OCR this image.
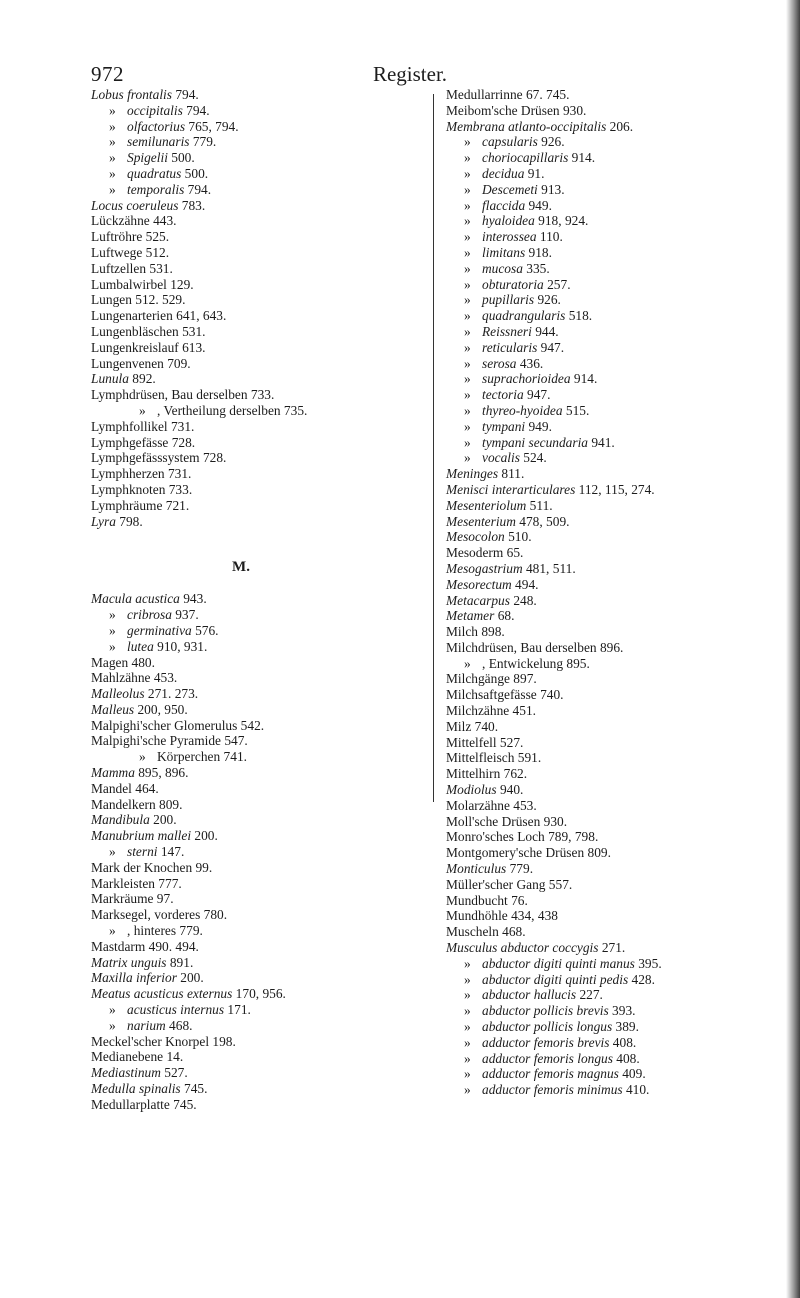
972	Register.
Lobus frontalis 794.
» occipitalis 794.
» olfactorius 765, 794.
» semilunaris 779.
» Spigelii 500.
» quadratus 500.
» temporalis 794.
Locus coeruleus 783.
Lückzähne 443.
Luftröhre 525.
Luftwege 512.
Luftzellen 531.
Lumbalwirbel 129.
Lungen 512. 529.
Lungenarterien 641, 643.
Lungenbläschen 531.
Lungenkreislauf 613.
Lungenvenen 709.
Lunula 892.
Lymphdrüsen, Bau derselben 733.
» , Vertheilung derselben 735.
Lymphfollikel 731.
Lymphgefässe 728.
Lymphgefässsystem 728.
Lymphherzen 731.
Lymphknoten 733.
Lymphräume 721.
Lyra 798.
M.
Macula acustica 943.
» cribrosa 937.
» germinativa 576.
» lutea 910, 931.
Magen 480.
Mahlzähne 453.
Malleolus 271. 273.
Malleus 200, 950.
Malpighi'scher Glomerulus 542.
Malpighi'sche Pyramide 547.
» Körperchen 741.
Mamma 895, 896.
Mandel 464.
Mandelkern 809.
Mandibula 200.
Manubrium mallei 200.
» sterni 147.
Mark der Knochen 99.
Markleisten 777.
Markräume 97.
Marksegel, vorderes 780.
» , hinteres 779.
Mastdarm 490. 494.
Matrix unguis 891.
Maxilla inferior 200.
Meatus acusticus externus 170, 956.
» acusticus internus 171.
» narium 468.
Meckel'scher Knorpel 198.
Medianebene 14.
Mediastinum 527.
Medulla spinalis 745.
Medullarplatte 745.
Medullarrinne 67. 745.
Meibom'sche Drüsen 930.
Membrana atlanto-occipitalis 206.
» capsularis 926.
» choriocapillaris 914.
» decidua 91.
» Descemeti 913.
» flaccida 949.
» hyaloidea 918, 924.
» interossea 110.
» limitans 918.
» mucosa 335.
» obturatoria 257.
» pupillaris 926.
» quadrangularis 518.
» Reissneri 944.
» reticularis 947.
» serosa 436.
» suprachorioidea 914.
» tectoria 947.
» thyreo-hyoidea 515.
» tympani 949.
» tympani secundaria 941.
» vocalis 524.
Meninges 811.
Menisci interarticulares 112, 115, 274.
Mesenteriolum 511.
Mesenterium 478, 509.
Mesocolon 510.
Mesoderm 65.
Mesogastrium 481, 511.
Mesorectum 494.
Metacarpus 248.
Metamer 68.
Milch 898.
Milchdrüsen, Bau derselben 896.
» , Entwickelung 895.
Milchgänge 897.
Milchsaftgefässe 740.
Milchzähne 451.
Milz 740.
Mittelfell 527.
Mittelfleisch 591.
Mittelhirn 762.
Modiolus 940.
Molarzähne 453.
Moll'sche Drüsen 930.
Monro'sches Loch 789, 798.
Montgomery'sche Drüsen 809.
Monticulus 779.
Müller'scher Gang 557.
Mundbucht 76.
Mundhöhle 434, 438
Muscheln 468.
Musculus abductor coccygis 271.
» abductor digiti quinti manus 395.
» abductor digiti quinti pedis 428.
» abductor hallucis 227.
» abductor pollicis brevis 393.
» abductor pollicis longus 389.
» adductor femoris brevis 408.
» adductor femoris longus 408.
» adductor femoris magnus 409.
» adductor femoris minimus 410.
